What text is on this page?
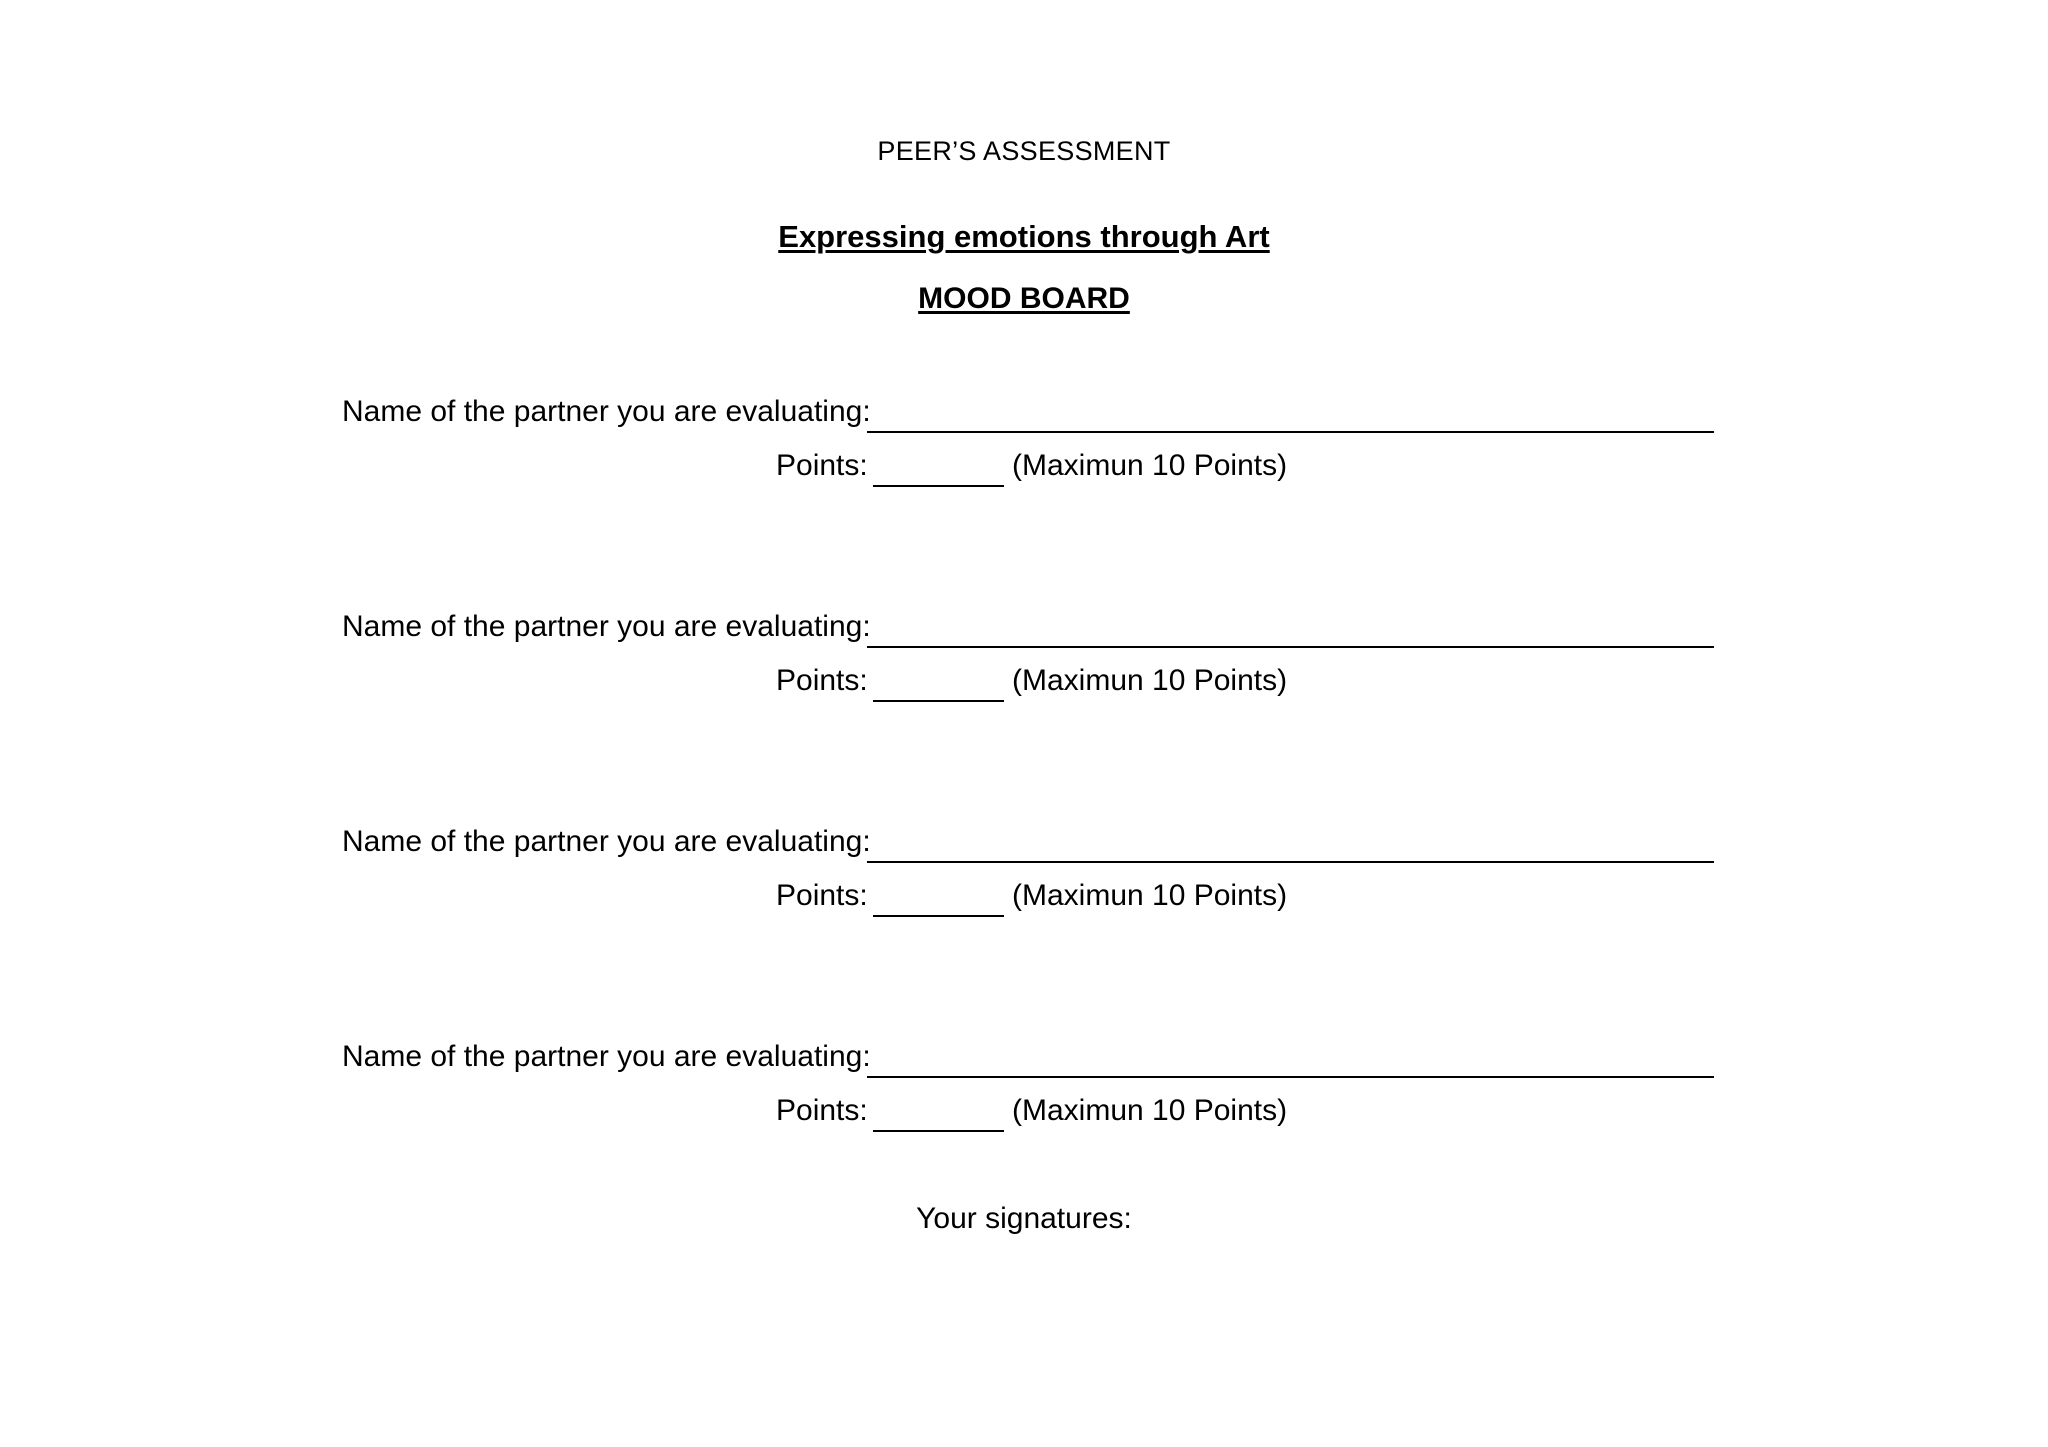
PEER’S ASSESSMENT
Expressing emotions through Art
MOOD BOARD
Name of the partner you are evaluating:
Points:	(Maximun 10 Points)
Name of the partner you are evaluating:
Points:	(Maximun 10 Points)
Name of the partner you are evaluating:
Points:	(Maximun 10 Points)
Name of the partner you are evaluating:
Points:	(Maximun 10 Points)
Your signatures:
